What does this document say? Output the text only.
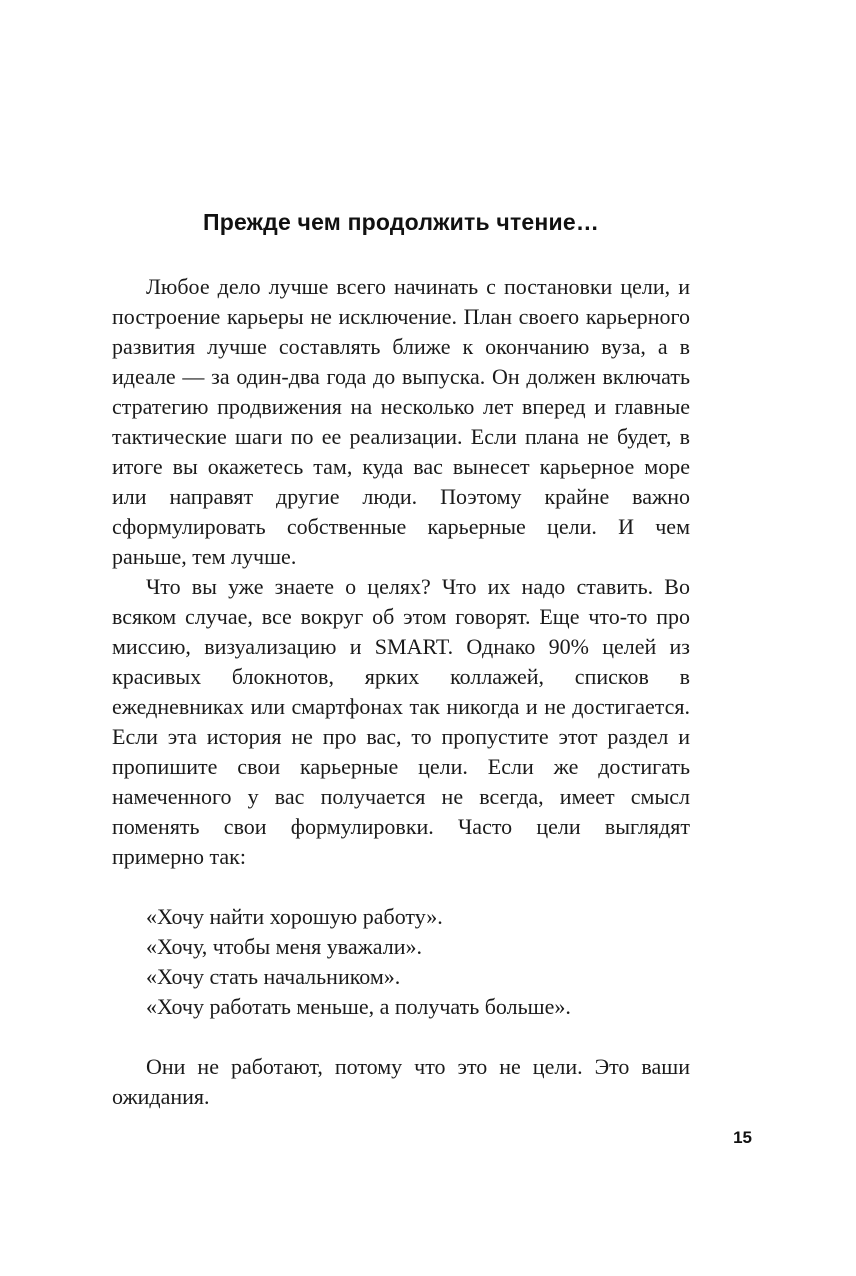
Прежде чем продолжить чтение…

Любое дело лучше всего начинать с постановки цели, и построение карьеры не исключение. План своего карьерного развития лучше составлять ближе к окончанию вуза, а в идеале — за один-два года до выпуска. Он должен включать стратегию продвижения на несколько лет вперед и главные тактические шаги по ее реализации. Если плана не будет, в итоге вы окажетесь там, куда вас вынесет карьерное море или направят другие люди. Поэтому крайне важно сформулировать собственные карьерные цели. И чем раньше, тем лучше.

Что вы уже знаете о целях? Что их надо ставить. Во всяком случае, все вокруг об этом говорят. Еще что-то про миссию, визуализацию и SMART. Однако 90% целей из красивых блокнотов, ярких коллажей, списков в ежедневниках или смартфонах так никогда и не достигается. Если эта история не про вас, то пропустите этот раздел и пропишите свои карьерные цели. Если же достигать намеченного у вас получается не всегда, имеет смысл поменять свои формулировки. Часто цели выглядят примерно так:

«Хочу найти хорошую работу».

«Хочу, чтобы меня уважали».

«Хочу стать начальником».

«Хочу работать меньше, а получать больше».

Они не работают, потому что это не цели. Это ваши ожидания.

15
